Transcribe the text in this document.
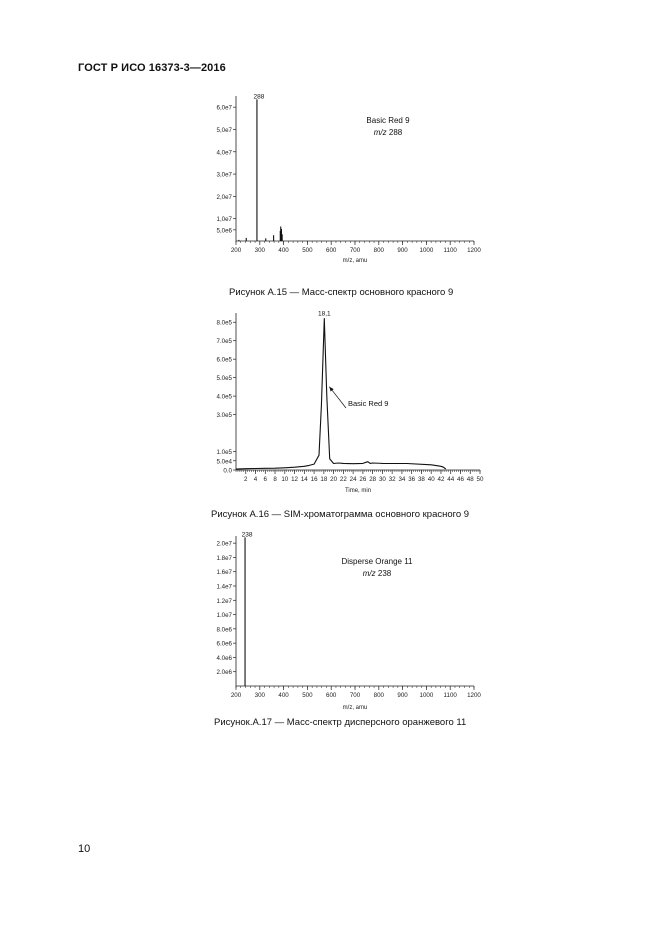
ГОСТ Р ИСО 16373-3—2016
5,0e6
1,0e7
2,0e7
3,0e7
4,0e7
5,0e7
6,0e7
200 300 400 500 600 700 800 900 1000 1100 1200
m/z, amu
288
Basic Red 9
m/z 288
Рисунок А.15 — Масс-спектр основного красного 9
0.0
5.0e4
1.0e5
3.0e5
4.0e5
5.0e5
6.0e5
7.0e5
8.0e5
2 4 6 8 10 12 14 16 18 20 22 24 26 28 30 32 34 36 38 40 42 44 46 48 50
Time, min
18,1
Basic Red 9
Рисунок А.16 — SIM-хроматограмма основного красного 9
2.0e6
4.0e6
6.0e6
8.0e6
1.0e7
1.2e7
1.4e7
1.6e7
1.8e7
2.0e7
200 300 400 500 600 700 800 900 1000 1100 1200
m/z, amu
238
Disperse Orange 11
m/z 238
Рисунок.А.17 — Масс-спектр дисперсного оранжевого 11
10
